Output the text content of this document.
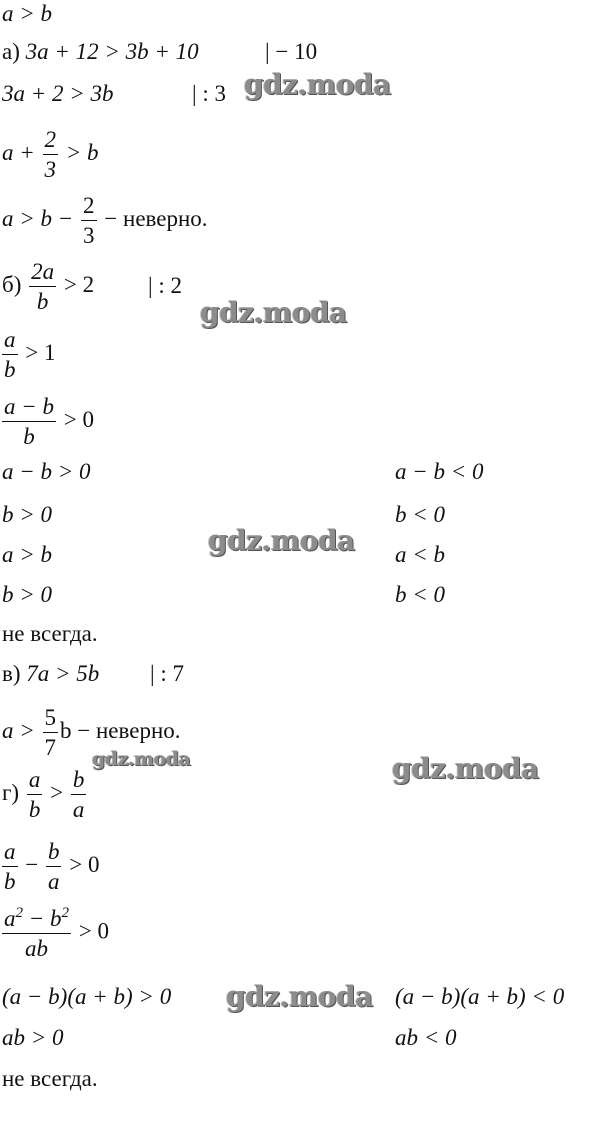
a > b
а) 3a + 12 > 3b + 10	| − 10
3a + 2 > 3b	| : 3
$a + \frac{2}{3} > b$
$a > b - \frac{2}{3}$ − неверно.
$б) \frac{2a}{b} > 2$ | : 2
$\frac{a}{b} > 1$
$\frac{a - b}{b} > 0$
a − b > 0	a − b < 0
b > 0	b < 0
a > b	a < b
b > 0	b < 0
не всегда.
в) 7a > 5b | : 7
$a > \frac{5}{7}$ b − неверно.
$г) \frac{a}{b} > \frac{b}{a}$
$\frac{a}{b} - \frac{b}{a} > 0$
$\frac{a^2 - b^2}{ab} > 0$
(a − b)(a + b) > 0	(a − b)(a + b) < 0
ab > 0	ab < 0
не всегда.
gdz.moda
gdz.moda
gdz.moda
gdz.moda	gdz.moda
gdz.moda
